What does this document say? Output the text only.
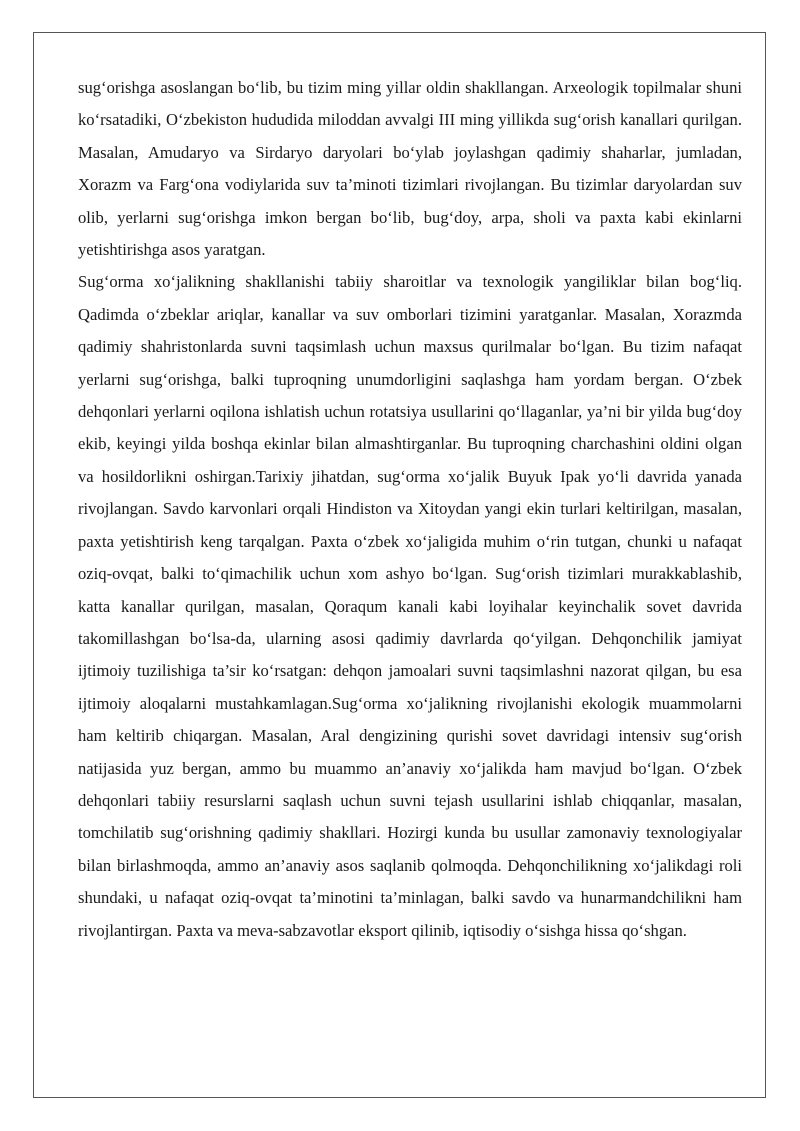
sug‘orishga asoslangan bo‘lib, bu tizim ming yillar oldin shakllangan. Arxeologik topilmalar shuni ko‘rsatadiki, O‘zbekiston hududida miloddan avvalgi III ming yillikda sug‘orish kanallari qurilgan. Masalan, Amudaryo va Sirdaryo daryolari bo‘ylab joylashgan qadimiy shaharlar, jumladan, Xorazm va Farg‘ona vodiylarida suv ta’minoti tizimlari rivojlangan. Bu tizimlar daryolardan suv olib, yerlarni sug‘orishga imkon bergan bo‘lib, bug‘doy, arpa, sholi va paxta kabi ekinlarni yetishtirishga asos yaratgan.

Sug‘orma xo‘jalikning shakllanishi tabiiy sharoitlar va texnologik yangiliklar bilan bog‘liq. Qadimda o‘zbeklar ariqlar, kanallar va suv omborlari tizimini yaratganlar. Masalan, Xorazmda qadimiy shahristonlarda suvni taqsimlash uchun maxsus qurilmalar bo‘lgan. Bu tizim nafaqat yerlarni sug‘orishga, balki tuproqning unumdorligini saqlashga ham yordam bergan. O‘zbek dehqonlari yerlarni oqilona ishlatish uchun rotatsiya usullarini qo‘llaganlar, ya’ni bir yilda bug‘doy ekib, keyingi yilda boshqa ekinlar bilan almashtirganlar. Bu tuproqning charchashini oldini olgan va hosildorlikni oshirgan.Tarixiy jihatdan, sug‘orma xo‘jalik Buyuk Ipak yo‘li davrida yanada rivojlangan. Savdo karvonlari orqali Hindiston va Xitoydan yangi ekin turlari keltirilgan, masalan, paxta yetishtirish keng tarqalgan. Paxta o‘zbek xo‘jaligida muhim o‘rin tutgan, chunki u nafaqat oziq-ovqat, balki to‘qimachilik uchun xom ashyo bo‘lgan. Sug‘orish tizimlari murakkablashib, katta kanallar qurilgan, masalan, Qoraqum kanali kabi loyihalar keyinchalik sovet davrida takomillashgan bo‘lsa-da, ularning asosi qadimiy davrlarda qo‘yilgan. Dehqonchilik jamiyat ijtimoiy tuzilishiga ta’sir ko‘rsatgan: dehqon jamoalari suvni taqsimlashni nazorat qilgan, bu esa ijtimoiy aloqalarni mustahkamlagan.Sug‘orma xo‘jalikning rivojlanishi ekologik muammolarni ham keltirib chiqargan. Masalan, Aral dengizining qurishi sovet davridagi intensiv sug‘orish natijasida yuz bergan, ammo bu muammo an’anaviy xo‘jalikda ham mavjud bo‘lgan. O‘zbek dehqonlari tabiiy resurslarni saqlash uchun suvni tejash usullarini ishlab chiqqanlar, masalan, tomchilatib sug‘orishning qadimiy shakllari. Hozirgi kunda bu usullar zamonaviy texnologiyalar bilan birlashmoqda, ammo an’anaviy asos saqlanib qolmoqda. Dehqonchilikning xo‘jalikdagi roli shundaki, u nafaqat oziq-ovqat ta’minotini ta’minlagan, balki savdo va hunarmandchilikni ham rivojlantirgan. Paxta va meva-sabzavotlar eksport qilinib, iqtisodiy o‘sishga hissa qo‘shgan.
